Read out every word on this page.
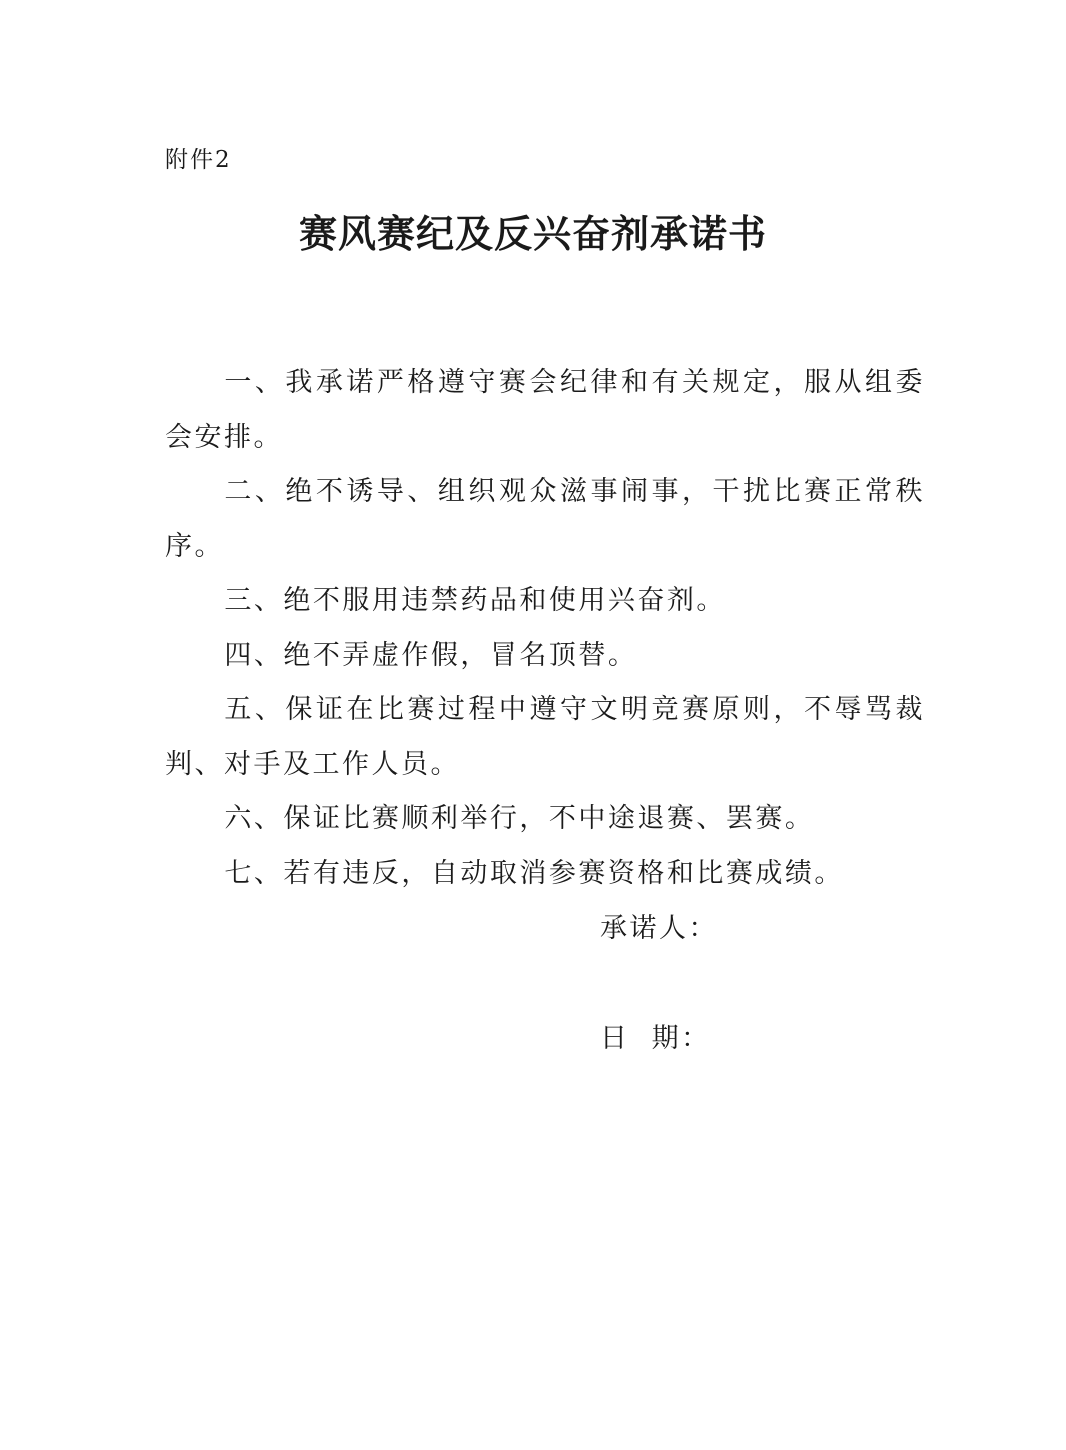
附件2
赛风赛纪及反兴奋剂承诺书

一、我承诺严格遵守赛会纪律和有关规定，服从组委会安排。

二、绝不诱导、组织观众滋事闹事，干扰比赛正常秩序。

三、绝不服用违禁药品和使用兴奋剂。

四、绝不弄虚作假，冒名顶替。

五、保证在比赛过程中遵守文明竞赛原则，不辱骂裁判、对手及工作人员。

六、保证比赛顺利举行，不中途退赛、罢赛。

七、若有违反，自动取消参赛资格和比赛成绩。

承诺人：
日  期：
